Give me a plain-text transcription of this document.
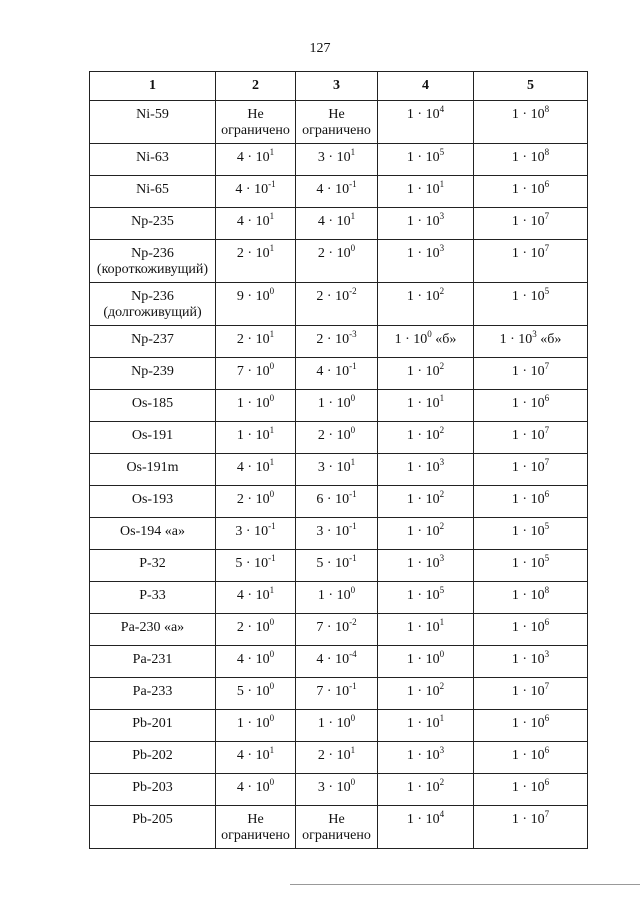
127
1	2	3	4	5
Ni-59	Не ограничено	Не ограничено	$1 \cdot 10^4$	$1 \cdot 10^8$
Ni-63	$4 \cdot 10^1$	$3 \cdot 10^1$	$1 \cdot 10^5$	$1 \cdot 10^8$
Ni-65	$4 \cdot 10^{-1}$	$4 \cdot 10^{-1}$	$1 \cdot 10^1$	$1 \cdot 10^6$
Np-235	$4 \cdot 10^1$	$4 \cdot 10^1$	$1 \cdot 10^3$	$1 \cdot 10^7$
Np-236 (короткоживущий)	$2 \cdot 10^1$	$2 \cdot 10^0$	$1 \cdot 10^3$	$1 \cdot 10^7$
Np-236 (долгоживущий)	$9 \cdot 10^0$	$2 \cdot 10^{-2}$	$1 \cdot 10^2$	$1 \cdot 10^5$
Np-237	$2 \cdot 10^1$	$2 \cdot 10^{-3}$	$1 \cdot 10^0$ «б»	$1 \cdot 10^3$ «б»
Np-239	$7 \cdot 10^0$	$4 \cdot 10^{-1}$	$1 \cdot 10^2$	$1 \cdot 10^7$
Os-185	$1 \cdot 10^0$	$1 \cdot 10^0$	$1 \cdot 10^1$	$1 \cdot 10^6$
Os-191	$1 \cdot 10^1$	$2 \cdot 10^0$	$1 \cdot 10^2$	$1 \cdot 10^7$
Os-191m	$4 \cdot 10^1$	$3 \cdot 10^1$	$1 \cdot 10^3$	$1 \cdot 10^7$
Os-193	$2 \cdot 10^0$	$6 \cdot 10^{-1}$	$1 \cdot 10^2$	$1 \cdot 10^6$
Os-194 «а»	$3 \cdot 10^{-1}$	$3 \cdot 10^{-1}$	$1 \cdot 10^2$	$1 \cdot 10^5$
P-32	$5 \cdot 10^{-1}$	$5 \cdot 10^{-1}$	$1 \cdot 10^3$	$1 \cdot 10^5$
P-33	$4 \cdot 10^1$	$1 \cdot 10^0$	$1 \cdot 10^5$	$1 \cdot 10^8$
Pa-230 «а»	$2 \cdot 10^0$	$7 \cdot 10^{-2}$	$1 \cdot 10^1$	$1 \cdot 10^6$
Pa-231	$4 \cdot 10^0$	$4 \cdot 10^{-4}$	$1 \cdot 10^0$	$1 \cdot 10^3$
Pa-233	$5 \cdot 10^0$	$7 \cdot 10^{-1}$	$1 \cdot 10^2$	$1 \cdot 10^7$
Pb-201	$1 \cdot 10^0$	$1 \cdot 10^0$	$1 \cdot 10^1$	$1 \cdot 10^6$
Pb-202	$4 \cdot 10^1$	$2 \cdot 10^1$	$1 \cdot 10^3$	$1 \cdot 10^6$
Pb-203	$4 \cdot 10^0$	$3 \cdot 10^0$	$1 \cdot 10^2$	$1 \cdot 10^6$
Pb-205	Не ограничено	Не ограничено	$1 \cdot 10^4$	$1 \cdot 10^7$
